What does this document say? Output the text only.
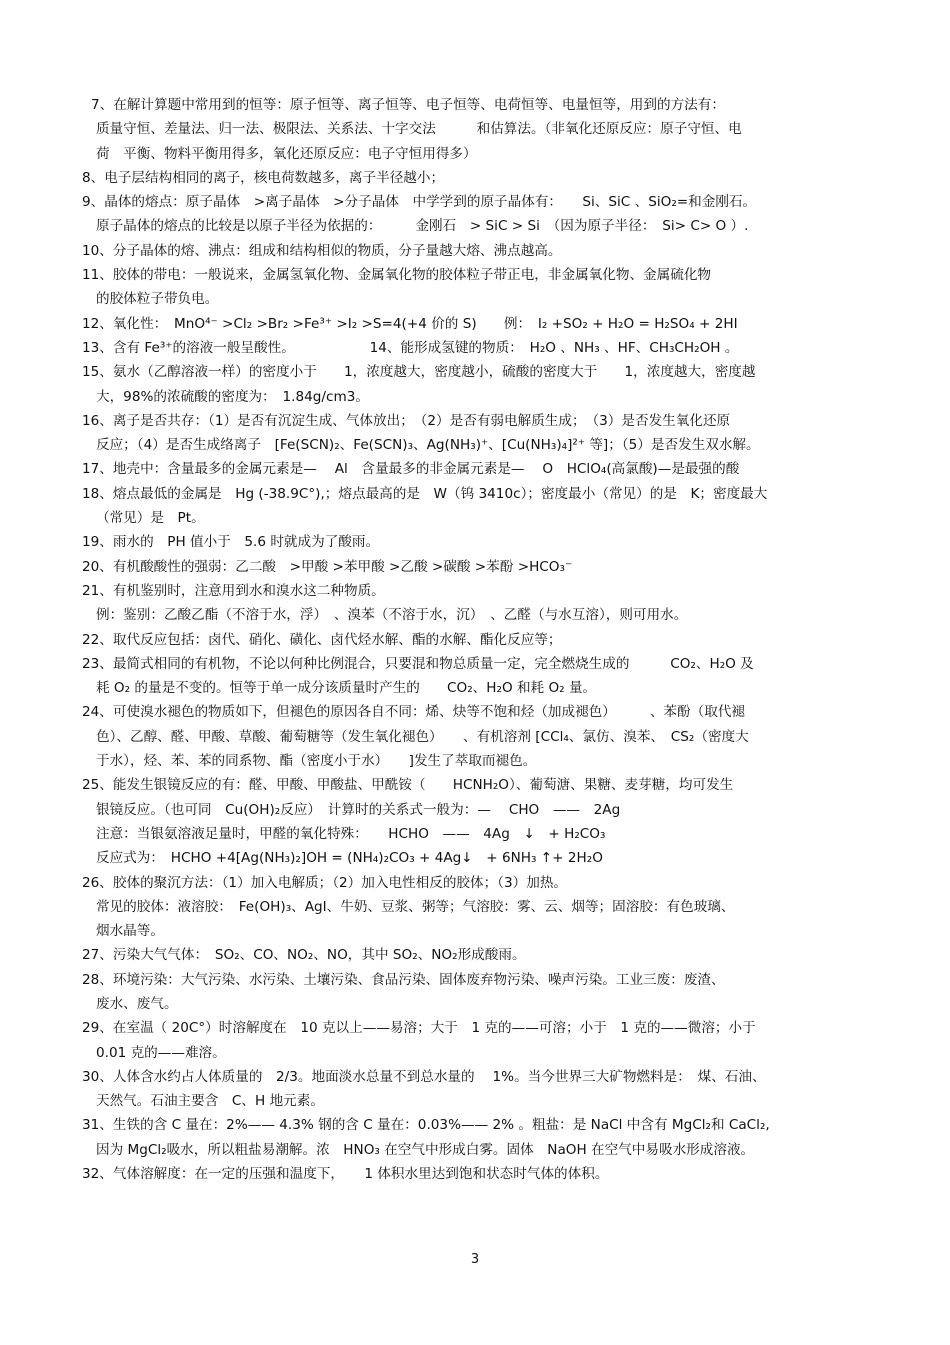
7、在解计算题中常用到的恒等：原子恒等、离子恒等、电子恒等、电荷恒等、电量恒等，用到的方法有：
质量守恒、差量法、归一法、极限法、关系法、十字交法　　　和估算法。（非氧化还原反应：原子守恒、电
荷　平衡、物料平衡用得多，氧化还原反应：电子守恒用得多）
8、电子层结构相同的离子，核电荷数越多，离子半径越小；
9、晶体的熔点：原子晶体　>离子晶体　>分子晶体　中学学到的原子晶体有：　　Si、SiC 、SiO₂=和金刚石。
原子晶体的熔点的比较是以原子半径为依据的：　　　金刚石　> SiC > Si　（因为原子半径：　Si> C> O ）.
10、分子晶体的熔、沸点：组成和结构相似的物质，分子量越大熔、沸点越高。
11、胶体的带电：一般说来，金属氢氧化物、金属氧化物的胶体粒子带正电，非金属氧化物、金属硫化物
的胶体粒子带负电。
12、氧化性：　MnO⁴⁻ >Cl₂ >Br₂ >Fe³⁺ >I₂ >S=4(+4 价的 S)　　例：　I₂ +SO₂ + H₂O = H₂SO₄ + 2HI
13、含有 Fe³⁺的溶液一般呈酸性。　　　　　　14、能形成氢键的物质：　H₂O 、NH₃ 、HF、CH₃CH₂OH 。
15、氨水（乙醇溶液一样）的密度小于　　1，浓度越大，密度越小，硫酸的密度大于　　1，浓度越大，密度越
大，98%的浓硫酸的密度为：　1.84g/cm3。
16、离子是否共存：（1）是否有沉淀生成、气体放出；　（2）是否有弱电解质生成；　（3）是否发生氧化还原
反应；（4）是否生成络离子　[Fe(SCN)₂、Fe(SCN)₃、Ag(NH₃)⁺、[Cu(NH₃)₄]²⁺ 等]；（5）是否发生双水解。
17、地壳中：含量最多的金属元素是—　 Al　含量最多的非金属元素是—　 O　HClO₄(高氯酸)—是最强的酸
18、熔点最低的金属是　Hg (-38.9C°),；熔点最高的是　W（钨 3410c）；密度最小（常见）的是　K；密度最大
（常见）是　Pt。
19、雨水的　PH 值小于　5.6 时就成为了酸雨。
20、有机酸酸性的强弱：乙二酸　>甲酸 >苯甲酸 >乙酸 >碳酸 >苯酚 >HCO₃⁻
21、有机鉴别时，注意用到水和溴水这二种物质。
例：鉴别：乙酸乙酯（不溶于水，浮）　、溴苯（不溶于水，沉）　、乙醛（与水互溶），则可用水。
22、取代反应包括：卤代、硝化、磺化、卤代烃水解、酯的水解、酯化反应等；
23、最简式相同的有机物，不论以何种比例混合，只要混和物总质量一定，完全燃烧生成的　　　CO₂、H₂O 及
耗 O₂ 的量是不变的。恒等于单一成分该质量时产生的　　CO₂、H₂O 和耗 O₂ 量。
24、可使溴水褪色的物质如下，但褪色的原因各自不同：烯、炔等不饱和烃（加成褪色）　　　、苯酚（取代褪
色）、乙醇、醛、甲酸、草酸、葡萄糖等（发生氧化褪色）　　、有机溶剂 [CCl₄、氯仿、溴苯、　CS₂（密度大
于水），烃、苯、苯的同系物、酯（密度小于水）　　]发生了萃取而褪色。
25、能发生银镜反应的有：醛、甲酸、甲酸盐、甲酰铵（　　HCNH₂O）、葡萄溏、果糖、麦芽糖，均可发生
银镜反应。（也可同　Cu(OH)₂反应）　计算时的关系式一般为：—　 CHO　——　2Ag
注意：当银氨溶液足量时，甲醛的氧化特殊：　　HCHO　——　4Ag　↓　+ H₂CO₃
反应式为：　HCHO +4[Ag(NH₃)₂]OH = (NH₄)₂CO₃ + 4Ag↓　+ 6NH₃ ↑+ 2H₂O
26、胶体的聚沉方法：（1）加入电解质；（2）加入电性相反的胶体；（3）加热。
常见的胶体：液溶胶：　Fe(OH)₃、AgI、牛奶、豆浆、粥等；气溶胶：雾、云、烟等；固溶胶：有色玻璃、
烟水晶等。
27、污染大气气体：　SO₂、CO、NO₂、NO，其中 SO₂、NO₂形成酸雨。
28、环境污染：大气污染、水污染、土壤污染、食品污染、固体废弃物污染、噪声污染。工业三废：废渣、
废水、废气。
29、在室温（ 20C°）时溶解度在　10 克以上——易溶；大于　1 克的——可溶；小于　1 克的——微溶；小于
0.01 克的——难溶。
30、人体含水约占人体质量的　2/3。地面淡水总量不到总水量的　 1%。当今世界三大矿物燃料是：　煤、石油、
天然气。石油主要含　C、H 地元素。
31、生铁的含 C 量在：2%—— 4.3% 钢的含 C 量在：0.03%—— 2% 。粗盐：是 NaCl 中含有 MgCl₂和 CaCl₂,
因为 MgCl₂吸水，所以粗盐易潮解。浓　HNO₃ 在空气中形成白雾。固体　NaOH 在空气中易吸水形成溶液。
32、气体溶解度：在一定的压强和温度下，　　1 体积水里达到饱和状态时气体的体积。
3
